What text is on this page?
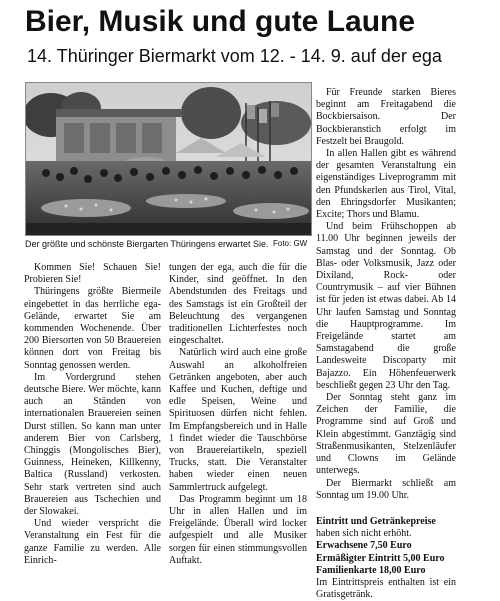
Bier, Musik und gute Laune
14. Thüringer Biermarkt vom 12. - 14. 9. auf der ega
Der größte und schönste Biergarten Thüringens erwartet Sie. Foto: GW

Kommen Sie! Schauen Sie! Probieren Sie!

Thüringens größte Biermeile eingebettet in das herrliche ega-Gelände, erwartet Sie am kommenden Wochenende. Über 200 Biersorten von 50 Brauereien können dort von Freitag bis Sonntag genossen werden.

Im Vordergrund stehen deutsche Biere. Wer möchte, kann auch an Ständen von internationalen Brauereien seinen Durst stillen. So kann man unter anderem Bier von Carlsberg, Chinggis (Mongolisches Bier), Guinness, Heineken, Killkenny, Baltica (Russland) verkosten. Sehr stark vertreten sind auch Brauereien aus Tschechien und der Slowakei.

Und wieder verspricht die Veranstaltung ein Fest für die ganze Familie zu werden. Alle Einrich-

tungen der ega, auch die für die Kinder, sind geöffnet. In den Abendstunden des Freitags und des Samstags ist ein Großteil der Beleuchtung des vergangenen traditionellen Lichterfestes noch eingeschaltet.

Natürlich wird auch eine große Auswahl an alkoholfreien Getränken angeboten, aber auch Kaffee und Kuchen, deftige und edle Speisen, Weine und Spirituosen dürfen nicht fehlen. Im Empfangsbereich und in Halle 1 findet wieder die Tauschbörse von Brauereiartikeln, speziell Trucks, statt. Die Veranstalter haben wieder einen neuen Sammlertruck aufgelegt.

Das Programm beginnt um 18 Uhr in allen Hallen und im Freigelände. Überall wird locker aufgespielt und alle Musiker sorgen für einen stimmungsvollen Auftakt.

Für Freunde starken Bieres beginnt am Freitagabend die Bockbiersaison. Der Bockbieranstich erfolgt im Festzelt bei Braugold.

In allen Hallen gibt es während der gesamten Veranstaltung ein eigenständiges Liveprogramm mit den Pfundskerlen aus Tirol, Vital, den Ehringsdorfer Musikanten; Excite; Thors und Blamu.

Und beim Frühschoppen ab 11.00 Uhr beginnen jeweils der Samstag und der Sonntag. Ob Blas- oder Volksmusik, Jazz oder Dixiland, Rock- oder Countrymusik – auf vier Bühnen ist für jeden ist etwas dabei. Ab 14 Uhr laufen Samstag und Sonntag die Hauptprogramme. Im Freigelände startet am Samstagabend die große Landesweite Discoparty mit Bajazzo. Ein Höhenfeuerwerk beschließt gegen 23 Uhr den Tag.

Der Sonntag steht ganz im Zeichen der Familie, die Programme sind auf Groß und Klein abgestimmt. Ganztägig sind Straßenmusikanten, Stelzenläufer und Clowns im Gelände unterwegs.

Der Biermarkt schließt am Sonntag um 19.00 Uhr.

Eintritt und Getränkepreise

haben sich nicht erhöht.

Erwachsene 7,50 Euro

Ermäßigter Eintritt 5,00 Euro

Familienkarte 18,00 Euro

Im Eintrittspreis enthalten ist ein Gratisgetränk.
